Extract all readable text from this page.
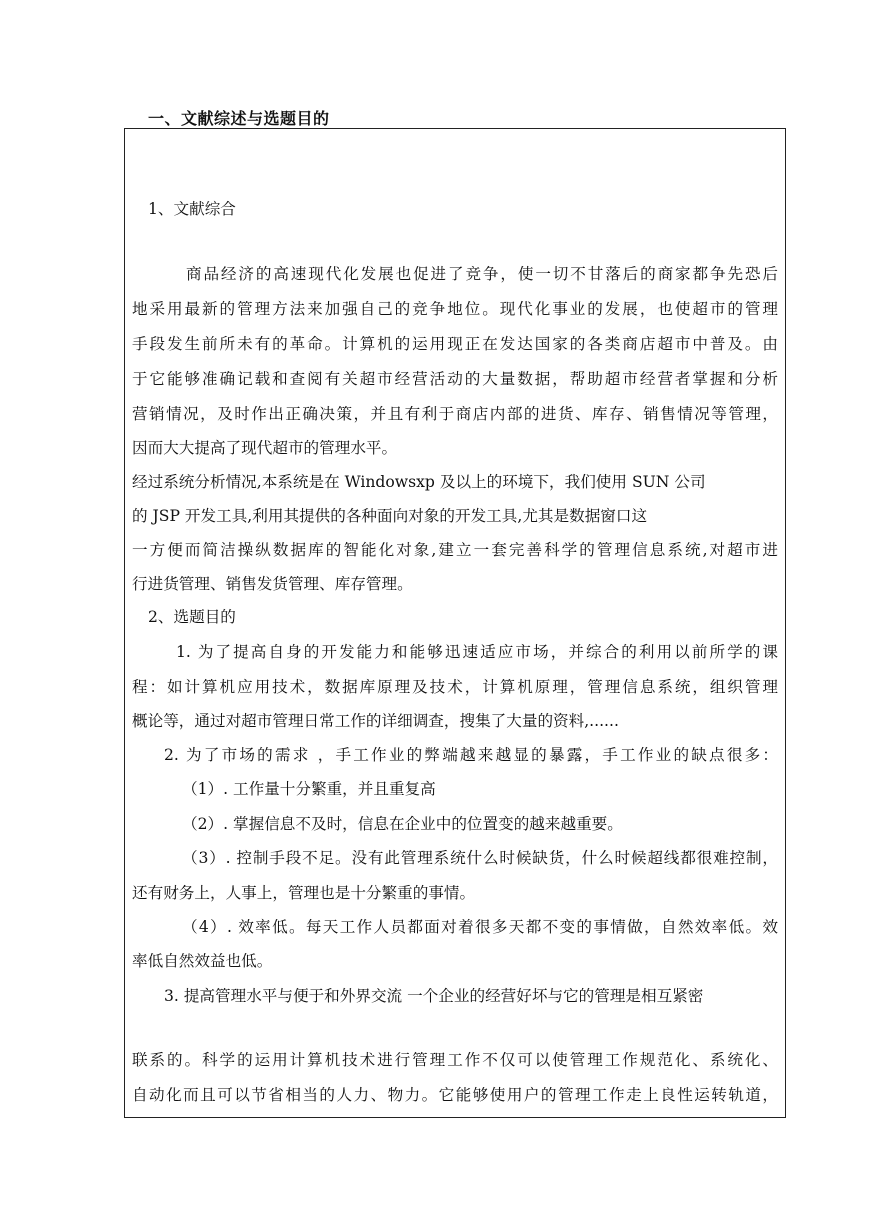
一、文献综述与选题目的

1、文献综合

商品经济的高速现代化发展也促进了竞争，使一切不甘落后的商家都争先恐后

地采用最新的管理方法来加强自己的竞争地位。现代化事业的发展，也使超市的管理

手段发生前所未有的革命。计算机的运用现正在发达国家的各类商店超市中普及。由

于它能够准确记载和查阅有关超市经营活动的大量数据，帮助超市经营者掌握和分析

营销情况，及时作出正确决策，并且有利于商店内部的进货、库存、销售情况等管理，

因而大大提高了现代超市的管理水平。

经过系统分析情况,本系统是在 Windowsxp 及以上的环境下，我们使用 SUN 公司

的 JSP 开发工具,利用其提供的各种面向对象的开发工具,尤其是数据窗口这

一方便而简洁操纵数据库的智能化对象,建立一套完善科学的管理信息系统,对超市进

行进货管理、销售发货管理、库存管理。

2、选题目的

1. 为了提高自身的开发能力和能够迅速适应市场，并综合的利用以前所学的课

程：如计算机应用技术，数据库原理及技术，计算机原理，管理信息系统，组织管理

概论等，通过对超市管理日常工作的详细调查，搜集了大量的资料,......

2. 为了市场的需求 ，手工作业的弊端越来越显的暴露，手工作业的缺点很多：

（1）. 工作量十分繁重，并且重复高

（2）. 掌握信息不及时，信息在企业中的位置变的越来越重要。

（3）. 控制手段不足。没有此管理系统什么时候缺货，什么时候超线都很难控制，

还有财务上，人事上，管理也是十分繁重的事情。

（4）. 效率低。每天工作人员都面对着很多天都不变的事情做，自然效率低。效

率低自然效益也低。

3. 提高管理水平与便于和外界交流 一个企业的经营好坏与它的管理是相互紧密

联系的。科学的运用计算机技术进行管理工作不仅可以使管理工作规范化、系统化、

自动化而且可以节省相当的人力、物力。它能够使用户的管理工作走上良性运转轨道，
